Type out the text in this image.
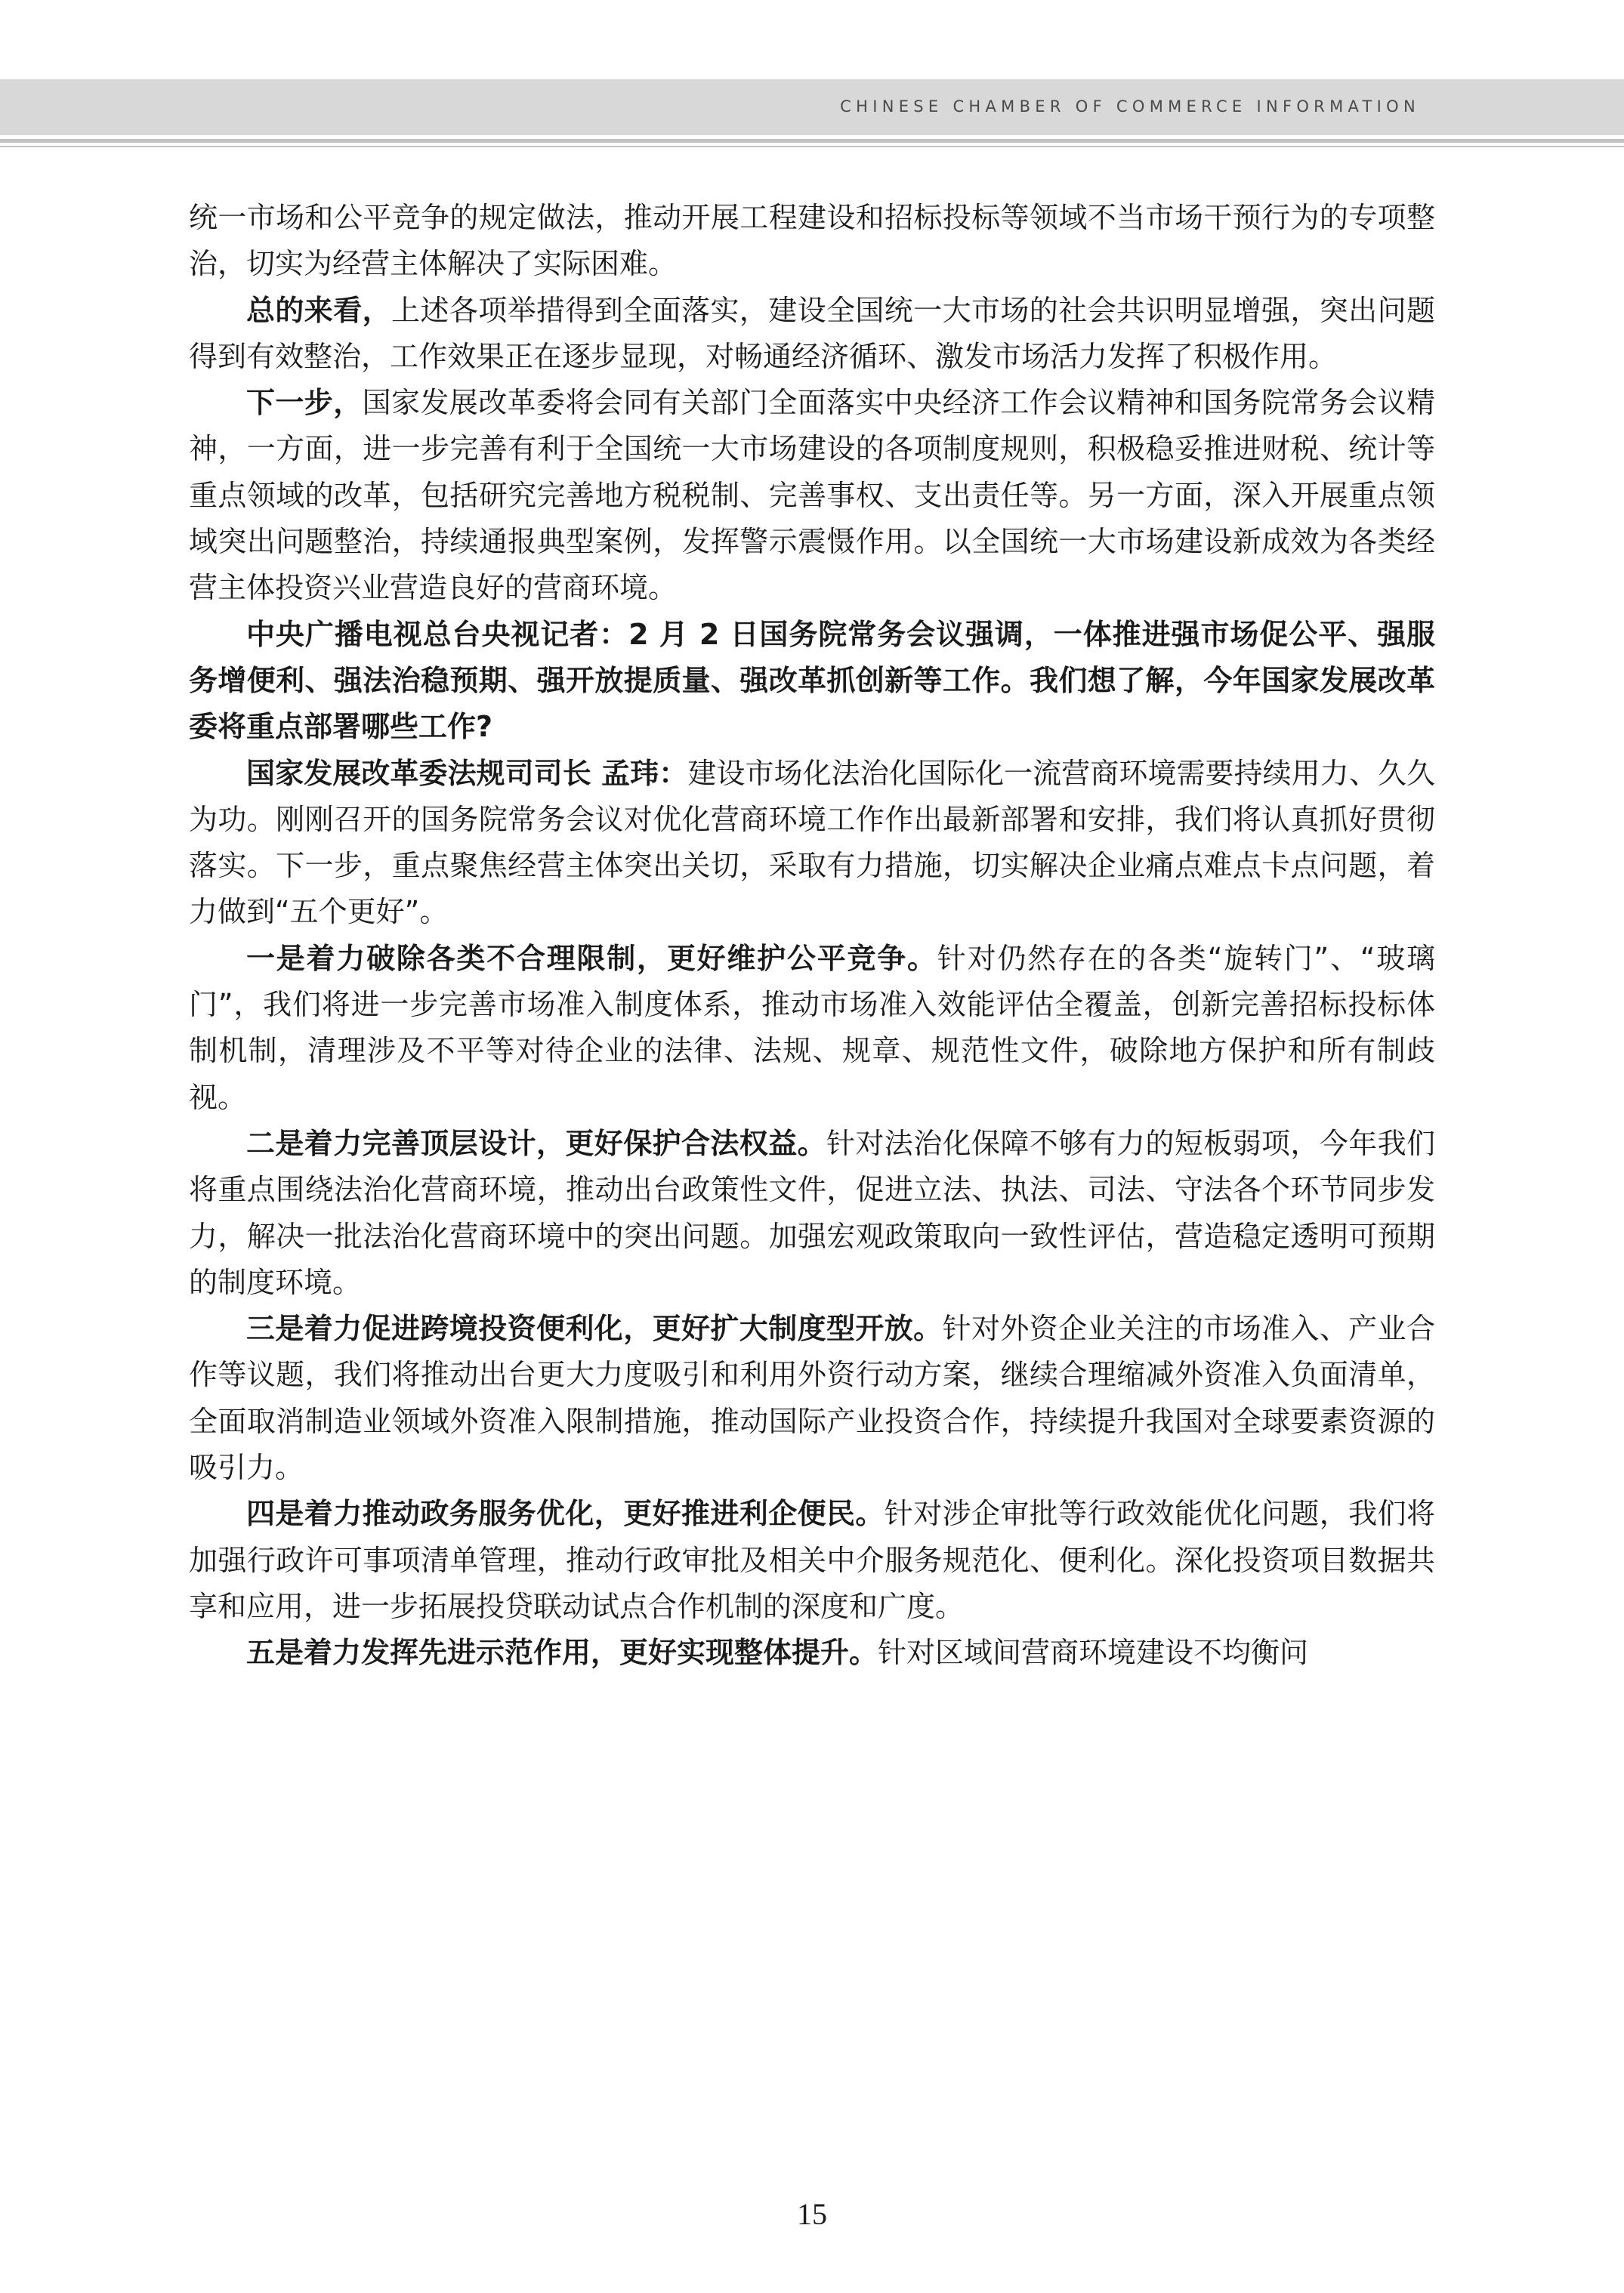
CHINESE CHAMBER OF COMMERCE INFORMATION

统一市场和公平竞争的规定做法，推动开展工程建设和招标投标等领域不当市场干预行为的专项整治，切实为经营主体解决了实际困难。

总的来看，上述各项举措得到全面落实，建设全国统一大市场的社会共识明显增强，突出问题得到有效整治，工作效果正在逐步显现，对畅通经济循环、激发市场活力发挥了积极作用。

下一步，国家发展改革委将会同有关部门全面落实中央经济工作会议精神和国务院常务会议精神，一方面，进一步完善有利于全国统一大市场建设的各项制度规则，积极稳妥推进财税、统计等重点领域的改革，包括研究完善地方税税制、完善事权、支出责任等。另一方面，深入开展重点领域突出问题整治，持续通报典型案例，发挥警示震慑作用。以全国统一大市场建设新成效为各类经营主体投资兴业营造良好的营商环境。

中央广播电视总台央视记者：2 月 2 日国务院常务会议强调，一体推进强市场促公平、强服务增便利、强法治稳预期、强开放提质量、强改革抓创新等工作。我们想了解，今年国家发展改革委将重点部署哪些工作?

国家发展改革委法规司司长 孟玮：建设市场化法治化国际化一流营商环境需要持续用力、久久为功。刚刚召开的国务院常务会议对优化营商环境工作作出最新部署和安排，我们将认真抓好贯彻落实。下一步，重点聚焦经营主体突出关切，采取有力措施，切实解决企业痛点难点卡点问题，着力做到“五个更好”。

一是着力破除各类不合理限制，更好维护公平竞争。针对仍然存在的各类“旋转门”、“玻璃门”，我们将进一步完善市场准入制度体系，推动市场准入效能评估全覆盖，创新完善招标投标体制机制，清理涉及不平等对待企业的法律、法规、规章、规范性文件，破除地方保护和所有制歧视。

二是着力完善顶层设计，更好保护合法权益。针对法治化保障不够有力的短板弱项，今年我们将重点围绕法治化营商环境，推动出台政策性文件，促进立法、执法、司法、守法各个环节同步发力，解决一批法治化营商环境中的突出问题。加强宏观政策取向一致性评估，营造稳定透明可预期的制度环境。

三是着力促进跨境投资便利化，更好扩大制度型开放。针对外资企业关注的市场准入、产业合作等议题，我们将推动出台更大力度吸引和利用外资行动方案，继续合理缩减外资准入负面清单，全面取消制造业领域外资准入限制措施，推动国际产业投资合作，持续提升我国对全球要素资源的吸引力。

四是着力推动政务服务优化，更好推进利企便民。针对涉企审批等行政效能优化问题，我们将加强行政许可事项清单管理，推动行政审批及相关中介服务规范化、便利化。深化投资项目数据共享和应用，进一步拓展投贷联动试点合作机制的深度和广度。

五是着力发挥先进示范作用，更好实现整体提升。针对区域间营商环境建设不均衡问

15
